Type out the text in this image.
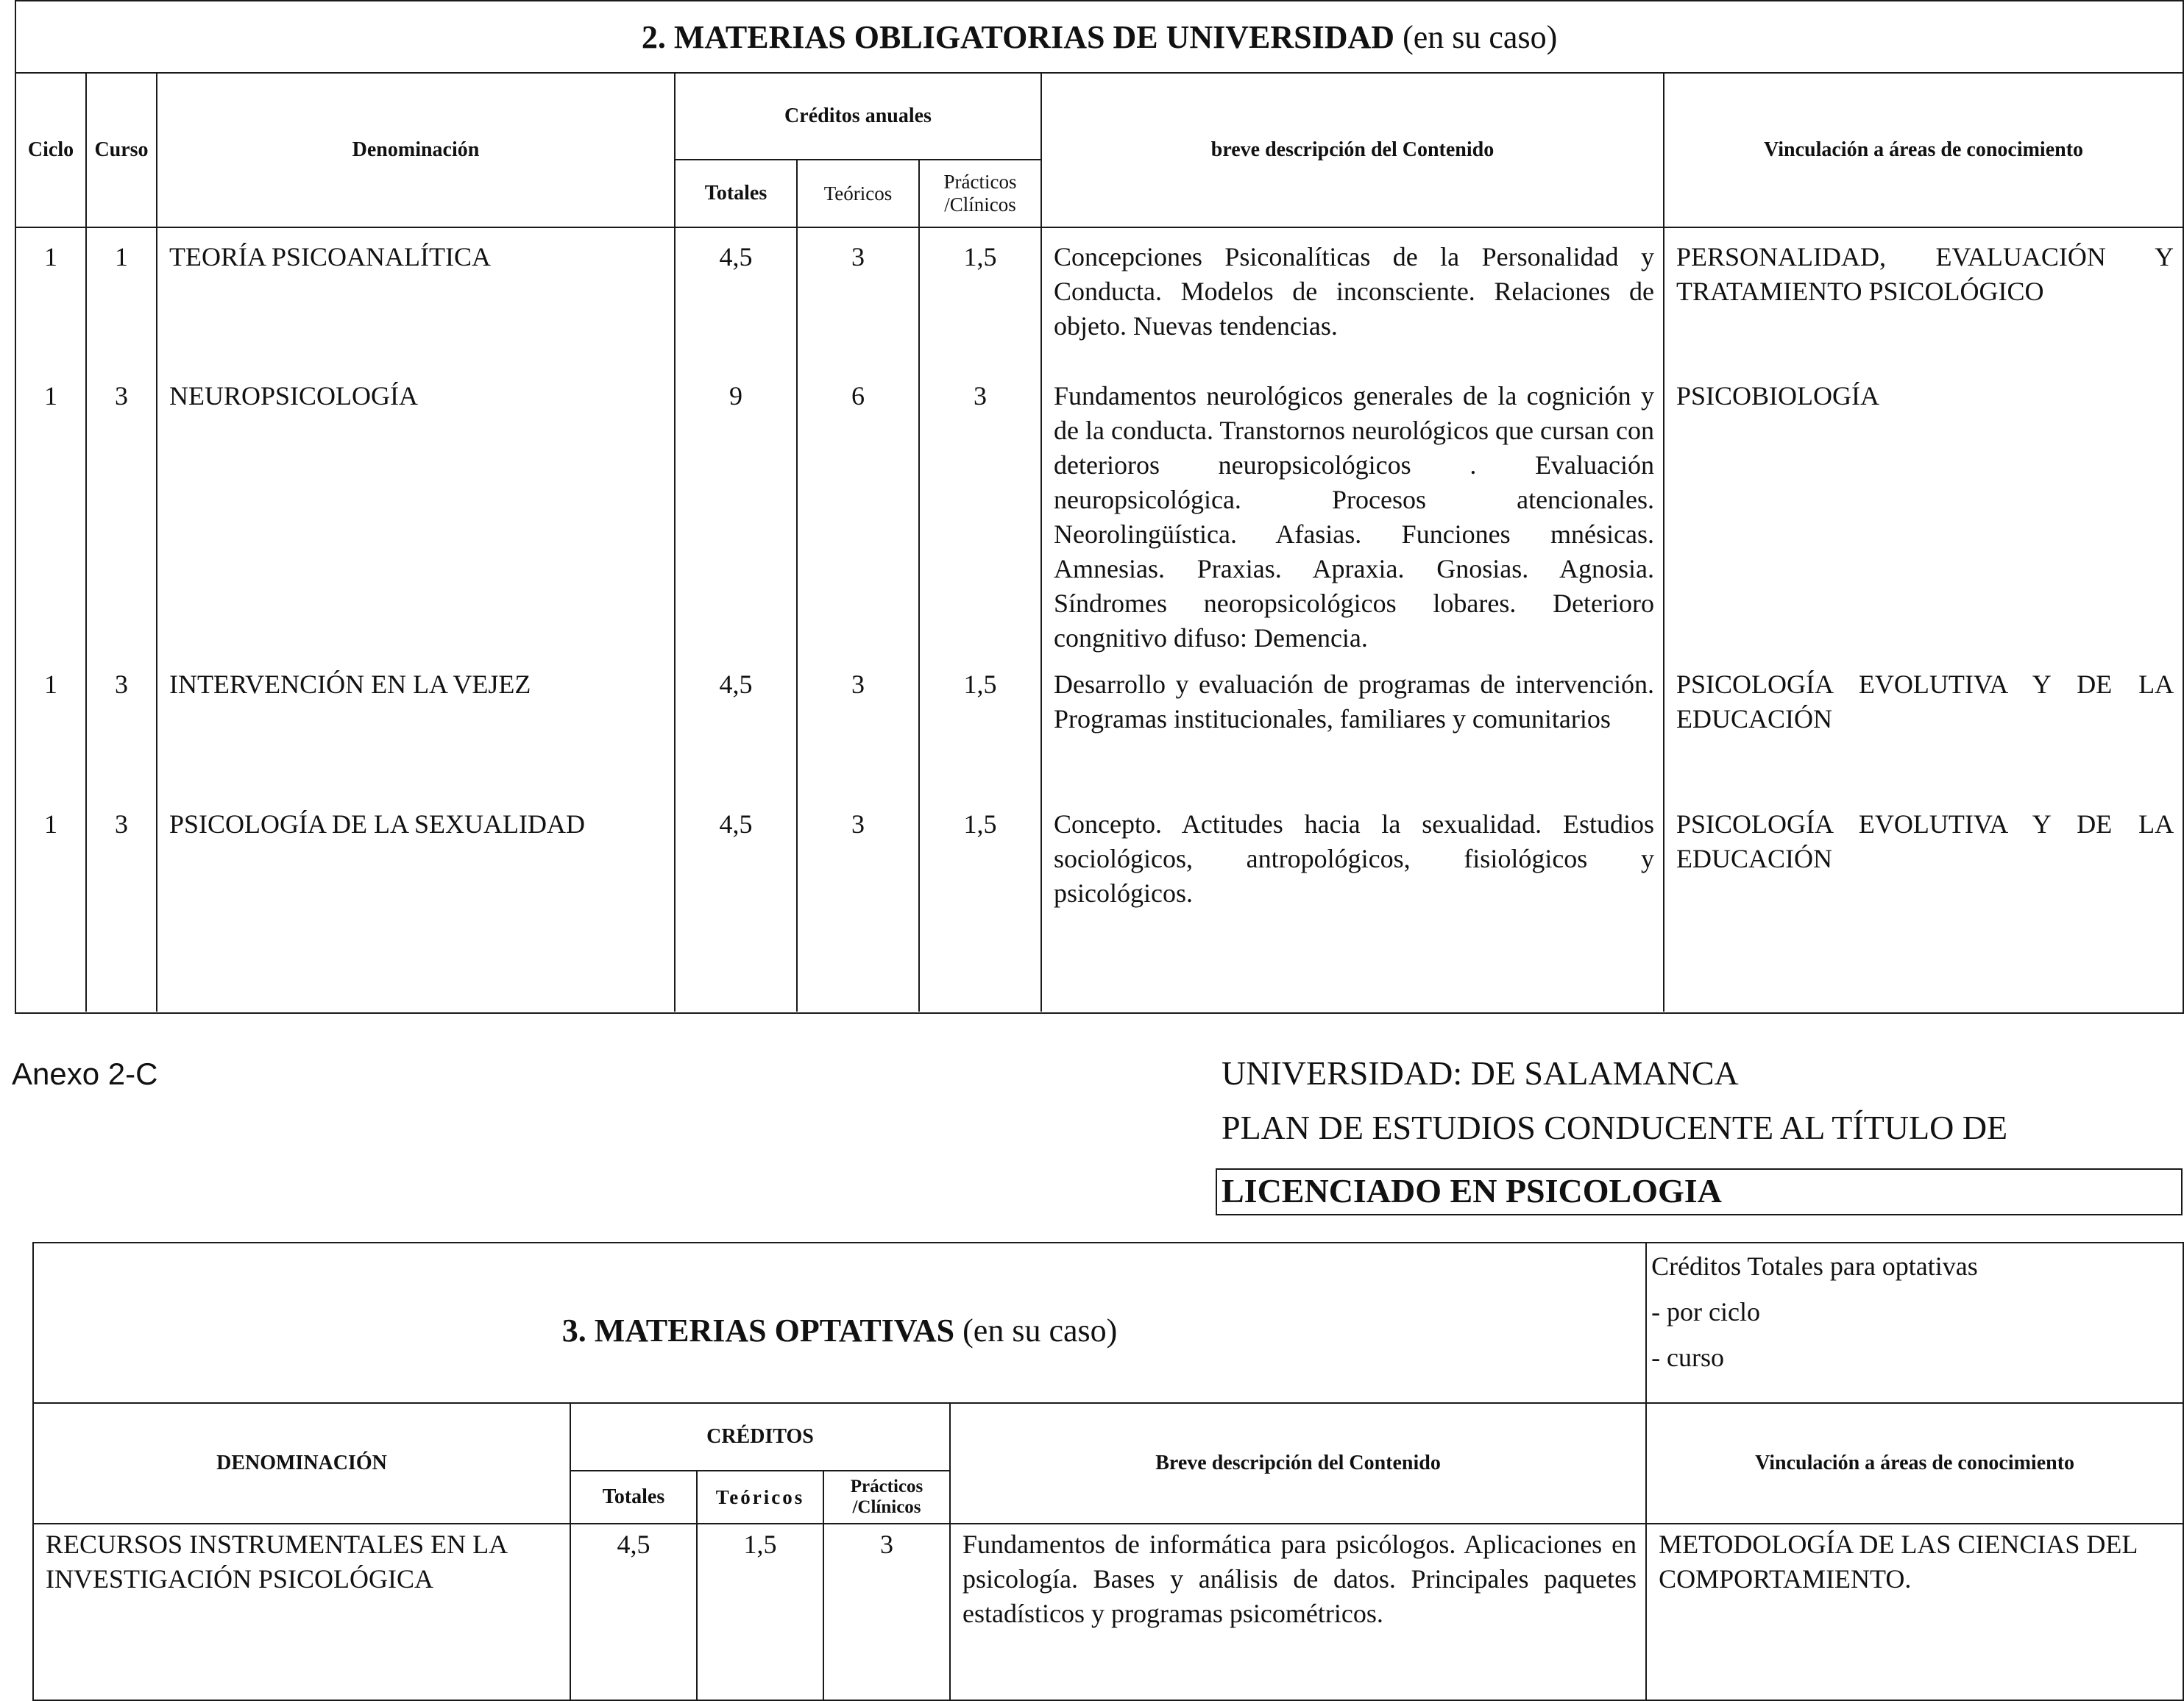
2. MATERIAS OBLIGATORIAS DE UNIVERSIDAD (en su caso)							
Ciclo	Curso	Denominación	Créditos anuales			breve descripción del Contenido	Vinculación a áreas de conocimiento
			Totales	Teóricos	Prácticos /Clínicos		
1	1	TEORÍA PSICOANALÍTICA	4,5	3	1,5	Concepciones Psiconalíticas de la Personalidad y Conducta. Modelos de inconsciente. Relaciones de objeto. Nuevas tendencias.	PERSONALIDAD, EVALUACIÓN Y TRATAMIENTO PSICOLÓGICO
1	3	NEUROPSICOLOGÍA	9	6	3	Fundamentos neurológicos generales de la cognición y de la conducta. Transtornos neurológicos que cursan con deterioros neuropsicológicos . Evaluación neuropsicológica. Procesos atencionales. Neorolingüística. Afasias. Funciones mnésicas. Amnesias. Praxias. Apraxia. Gnosias. Agnosia. Síndromes neoropsicológicos lobares. Deterioro congnitivo difuso: Demencia.	PSICOBIOLOGÍA
1	3	INTERVENCIÓN EN LA VEJEZ	4,5	3	1,5	Desarrollo y evaluación de programas de intervención. Programas institucionales, familiares y comunitarios	PSICOLOGÍA EVOLUTIVA Y DE LA EDUCACIÓN
1	3	PSICOLOGÍA DE LA SEXUALIDAD	4,5	3	1,5	Concepto. Actitudes hacia la sexualidad. Estudios sociológicos, antropológicos, fisiológicos y psicológicos.	PSICOLOGÍA EVOLUTIVA Y DE LA EDUCACIÓN

Anexo 2-C	UNIVERSIDAD: DE SALAMANCA
PLAN DE ESTUDIOS CONDUCENTE AL TÍTULO DE
LICENCIADO EN PSICOLOGIA
3. MATERIAS OPTATIVAS (en su caso)					Créditos Totales para optativas
- por ciclo
- curso

DENOMINACIÓN	CRÉDITOS			Breve descripción del Contenido	Vinculación a áreas de conocimiento
	Totales	Teóricos	Prácticos /Clínicos		
RECURSOS INSTRUMENTALES EN LA INVESTIGACIÓN PSICOLÓGICA	4,5	1,5	3	Fundamentos de informática para psicólogos. Aplicaciones en psicología. Bases y análisis de datos. Principales paquetes estadísticos y programas psicométricos.	METODOLOGÍA DE LAS CIENCIAS DEL COMPORTAMIENTO.
